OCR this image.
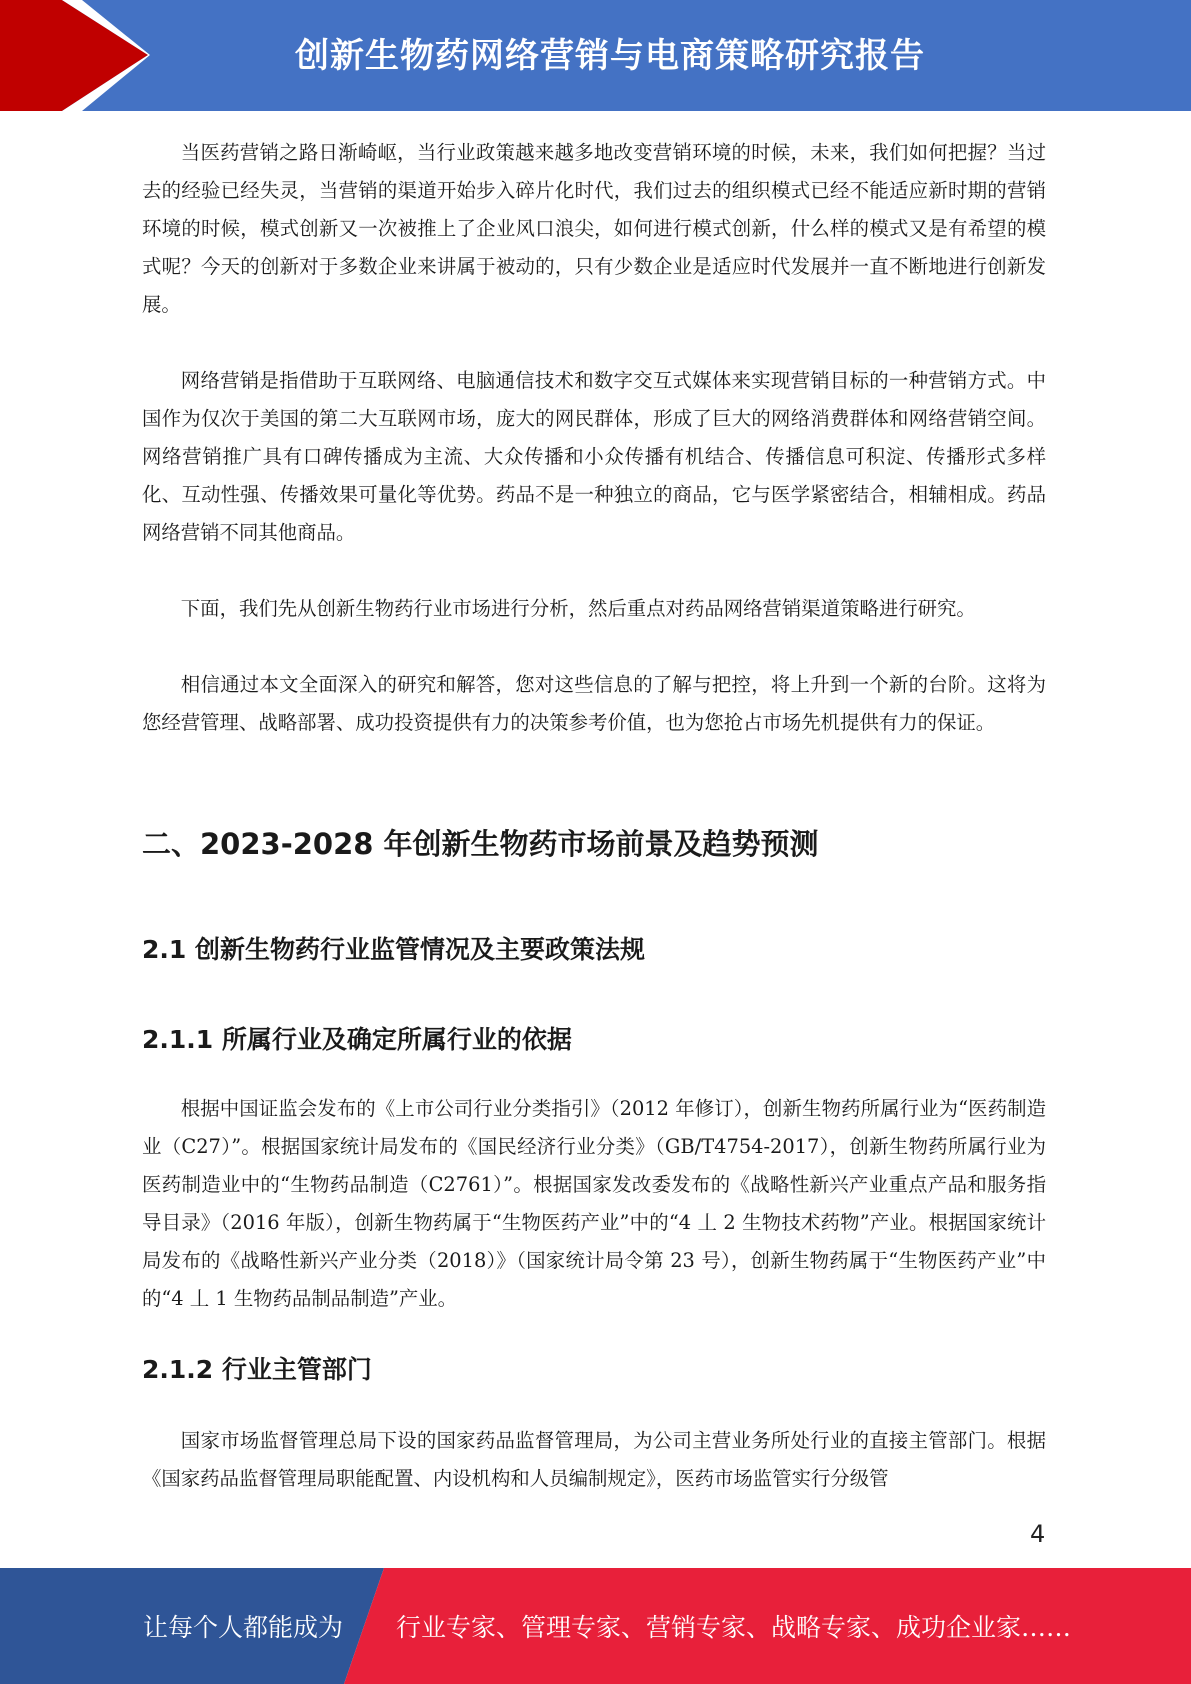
创新生物药网络营销与电商策略研究报告

当医药营销之路日渐崎岖，当行业政策越来越多地改变营销环境的时候，未来，我们如何把握？当过去的经验已经失灵，当营销的渠道开始步入碎片化时代，我们过去的组织模式已经不能适应新时期的营销环境的时候，模式创新又一次被推上了企业风口浪尖，如何进行模式创新，什么样的模式又是有希望的模式呢？今天的创新对于多数企业来讲属于被动的，只有少数企业是适应时代发展并一直不断地进行创新发展。

网络营销是指借助于互联网络、电脑通信技术和数字交互式媒体来实现营销目标的一种营销方式。中国作为仅次于美国的第二大互联网市场，庞大的网民群体，形成了巨大的网络消费群体和网络营销空间。网络营销推广具有口碑传播成为主流、大众传播和小众传播有机结合、传播信息可积淀、传播形式多样化、互动性强、传播效果可量化等优势。药品不是一种独立的商品，它与医学紧密结合，相辅相成。药品网络营销不同其他商品。

下面，我们先从创新生物药行业市场进行分析，然后重点对药品网络营销渠道策略进行研究。

相信通过本文全面深入的研究和解答，您对这些信息的了解与把控，将上升到一个新的台阶。这将为您经营管理、战略部署、成功投资提供有力的决策参考价值，也为您抢占市场先机提供有力的保证。

二、2023-2028 年创新生物药市场前景及趋势预测
2.1 创新生物药行业监管情况及主要政策法规
2.1.1 所属行业及确定所属行业的依据

根据中国证监会发布的《上市公司行业分类指引》（2012 年修订），创新生物药所属行业为“医药制造业（C27）”。根据国家统计局发布的《国民经济行业分类》（GB/T4754-2017），创新生物药所属行业为医药制造业中的“生物药品制造（C2761）”。根据国家发改委发布的《战略性新兴产业重点产品和服务指导目录》（2016 年版），创新生物药属于“生物医药产业”中的“4 丄 2 生物技术药物”产业。根据国家统计局发布的《战略性新兴产业分类（2018）》（国家统计局令第 23 号），创新生物药属于“生物医药产业”中的“4 丄 1 生物药品制品制造”产业。

2.1.2 行业主管部门

国家市场监督管理总局下设的国家药品监督管理局，为公司主营业务所处行业的直接主管部门。根据《国家药品监督管理局职能配置、内设机构和人员编制规定》，医药市场监管实行分级管

4
让每个人都能成为 行业专家、管理专家、营销专家、战略专家、成功企业家……
